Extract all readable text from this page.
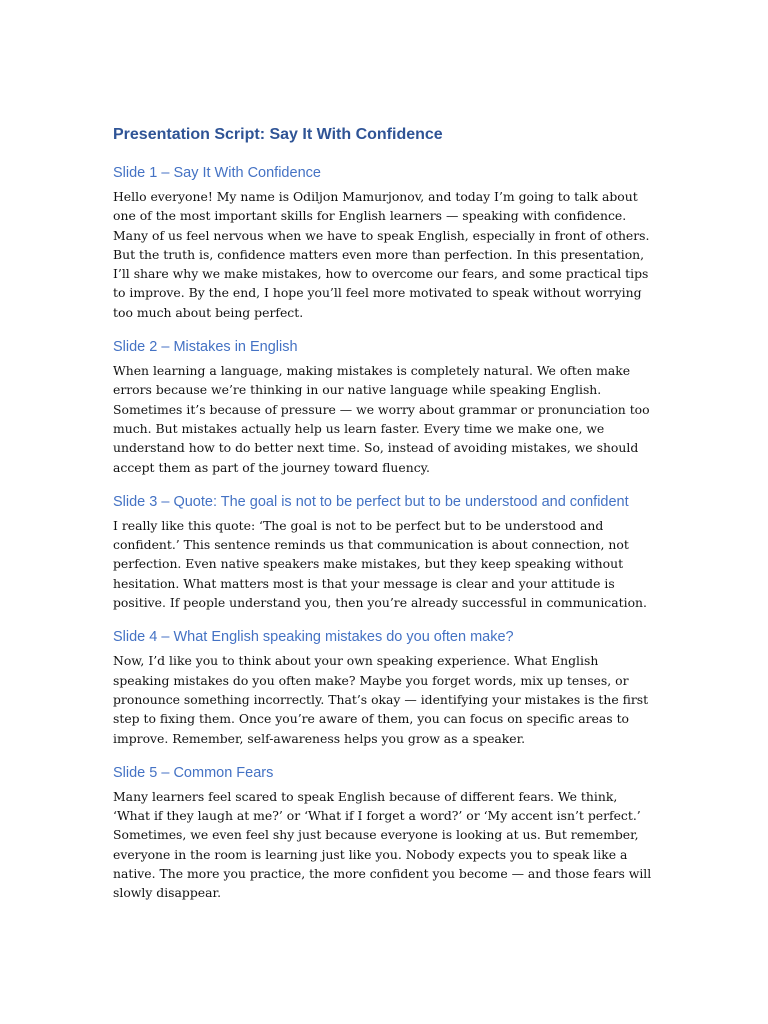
Presentation Script: Say It With Confidence
Slide 1 – Say It With Confidence

Hello everyone! My name is Odiljon Mamurjonov, and today I’m going to talk about one of the most important skills for English learners — speaking with confidence. Many of us feel nervous when we have to speak English, especially in front of others. But the truth is, confidence matters even more than perfection. In this presentation, I’ll share why we make mistakes, how to overcome our fears, and some practical tips to improve. By the end, I hope you’ll feel more motivated to speak without worrying too much about being perfect.

Slide 2 – Mistakes in English

When learning a language, making mistakes is completely natural. We often make errors because we’re thinking in our native language while speaking English. Sometimes it’s because of pressure — we worry about grammar or pronunciation too much. But mistakes actually help us learn faster. Every time we make one, we understand how to do better next time. So, instead of avoiding mistakes, we should accept them as part of the journey toward fluency.

Slide 3 – Quote: The goal is not to be perfect but to be understood and confident

I really like this quote: ‘The goal is not to be perfect but to be understood and confident.’ This sentence reminds us that communication is about connection, not perfection. Even native speakers make mistakes, but they keep speaking without hesitation. What matters most is that your message is clear and your attitude is positive. If people understand you, then you’re already successful in communication.

Slide 4 – What English speaking mistakes do you often make?

Now, I’d like you to think about your own speaking experience. What English speaking mistakes do you often make? Maybe you forget words, mix up tenses, or pronounce something incorrectly. That’s okay — identifying your mistakes is the first step to fixing them. Once you’re aware of them, you can focus on specific areas to improve. Remember, self-awareness helps you grow as a speaker.

Slide 5 – Common Fears

Many learners feel scared to speak English because of different fears. We think, ‘What if they laugh at me?’ or ‘What if I forget a word?’ or ‘My accent isn’t perfect.’ Sometimes, we even feel shy just because everyone is looking at us. But remember, everyone in the room is learning just like you. Nobody expects you to speak like a native. The more you practice, the more confident you become — and those fears will slowly disappear.
